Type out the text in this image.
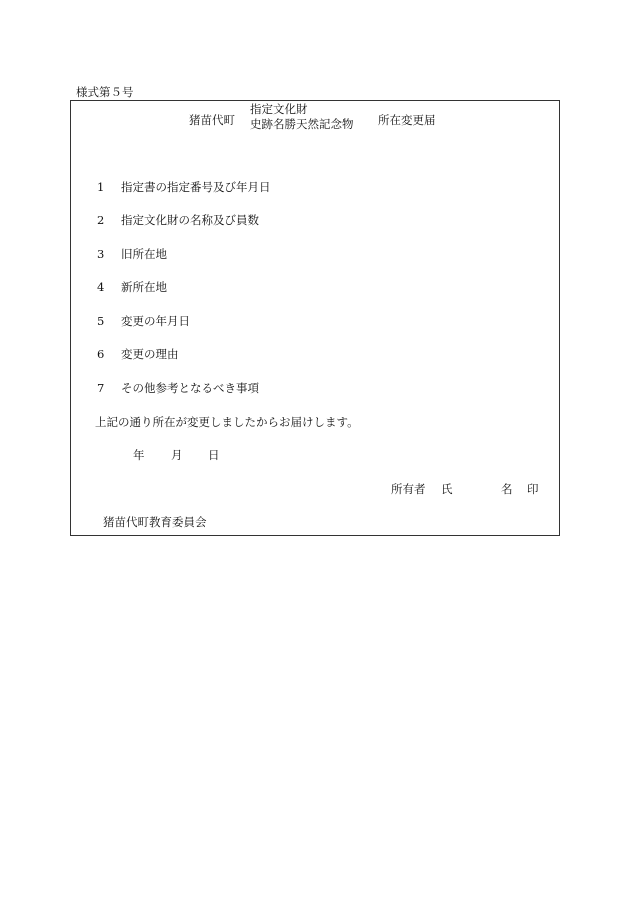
様式第５号
猪苗代町
指定文化財
史跡名勝天然記念物 所在変更届
1 指定書の指定番号及び年月日
2 指定文化財の名称及び員数
3 旧所在地
4 新所在地
5 変更の年月日
6 変更の理由
7 その他参考となるべき事項
上記の通り所在が変更しましたからお届けします。
年 月 日
所有者 氏	名 印
猪苗代町教育委員会
